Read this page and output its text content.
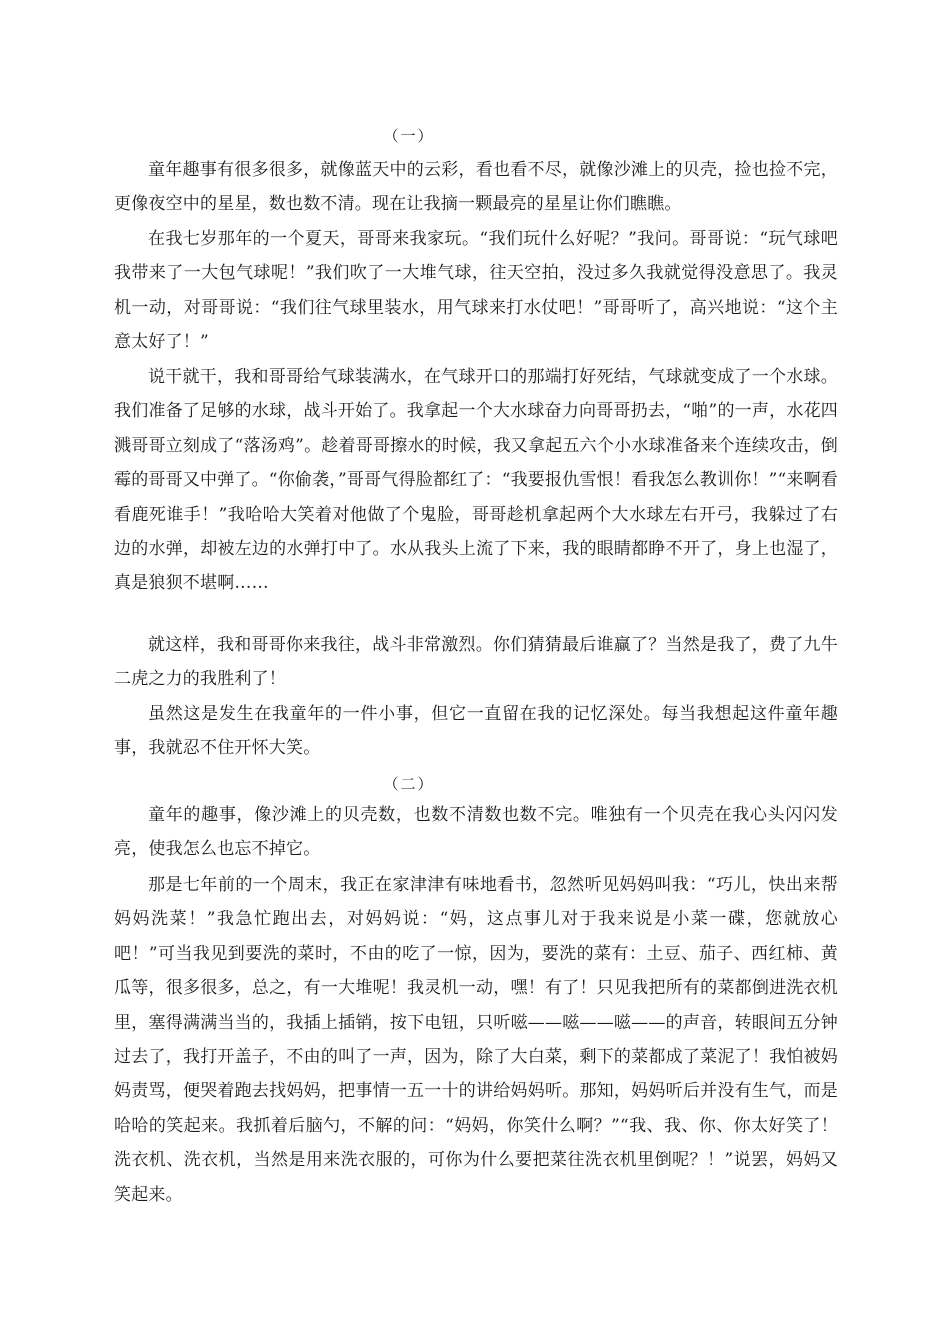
（一）

童年趣事有很多很多，就像蓝天中的云彩，看也看不尽，就像沙滩上的贝壳，捡也捡不完，更像夜空中的星星，数也数不清。现在让我摘一颗最亮的星星让你们瞧瞧。

在我七岁那年的一个夏天，哥哥来我家玩。“我们玩什么好呢？”我问。哥哥说：“玩气球吧我带来了一大包气球呢！”我们吹了一大堆气球，往天空拍，没过多久我就觉得没意思了。我灵机一动，对哥哥说：“我们往气球里装水，用气球来打水仗吧！”哥哥听了，高兴地说：“这个主意太好了！”

说干就干，我和哥哥给气球装满水，在气球开口的那端打好死结，气球就变成了一个水球。我们准备了足够的水球，战斗开始了。我拿起一个大水球奋力向哥哥扔去，“啪”的一声，水花四溅哥哥立刻成了“落汤鸡”。趁着哥哥擦水的时候，我又拿起五六个小水球准备来个连续攻击，倒霉的哥哥又中弹了。“你偷袭，”哥哥气得脸都红了：“我要报仇雪恨！看我怎么教训你！”“来啊看看鹿死谁手！”我哈哈大笑着对他做了个鬼脸，哥哥趁机拿起两个大水球左右开弓，我躲过了右边的水弹，却被左边的水弹打中了。水从我头上流了下来，我的眼睛都睁不开了，身上也湿了，真是狼狈不堪啊……

就这样，我和哥哥你来我往，战斗非常激烈。你们猜猜最后谁赢了？当然是我了，费了九牛二虎之力的我胜利了！

虽然这是发生在我童年的一件小事，但它一直留在我的记忆深处。每当我想起这件童年趣事，我就忍不住开怀大笑。

（二）

童年的趣事，像沙滩上的贝壳数，也数不清数也数不完。唯独有一个贝壳在我心头闪闪发亮，使我怎么也忘不掉它。

那是七年前的一个周末，我正在家津津有味地看书，忽然听见妈妈叫我：“巧儿，快出来帮妈妈洗菜！”我急忙跑出去，对妈妈说：“妈，这点事儿对于我来说是小菜一碟，您就放心吧！”可当我见到要洗的菜时，不由的吃了一惊，因为，要洗的菜有：土豆、茄子、西红柿、黄瓜等，很多很多，总之，有一大堆呢！我灵机一动，嘿！有了！只见我把所有的菜都倒进洗衣机里，塞得满满当当的，我插上插销，按下电钮，只听嗞——嗞——嗞——的声音，转眼间五分钟过去了，我打开盖子，不由的叫了一声，因为，除了大白菜，剩下的菜都成了菜泥了！我怕被妈妈责骂，便哭着跑去找妈妈，把事情一五一十的讲给妈妈听。那知，妈妈听后并没有生气，而是哈哈的笑起来。我抓着后脑勺，不解的问：“妈妈，你笑什么啊？”“我、我、你、你太好笑了！洗衣机、洗衣机，当然是用来洗衣服的，可你为什么要把菜往洗衣机里倒呢？！”说罢，妈妈又笑起来。
